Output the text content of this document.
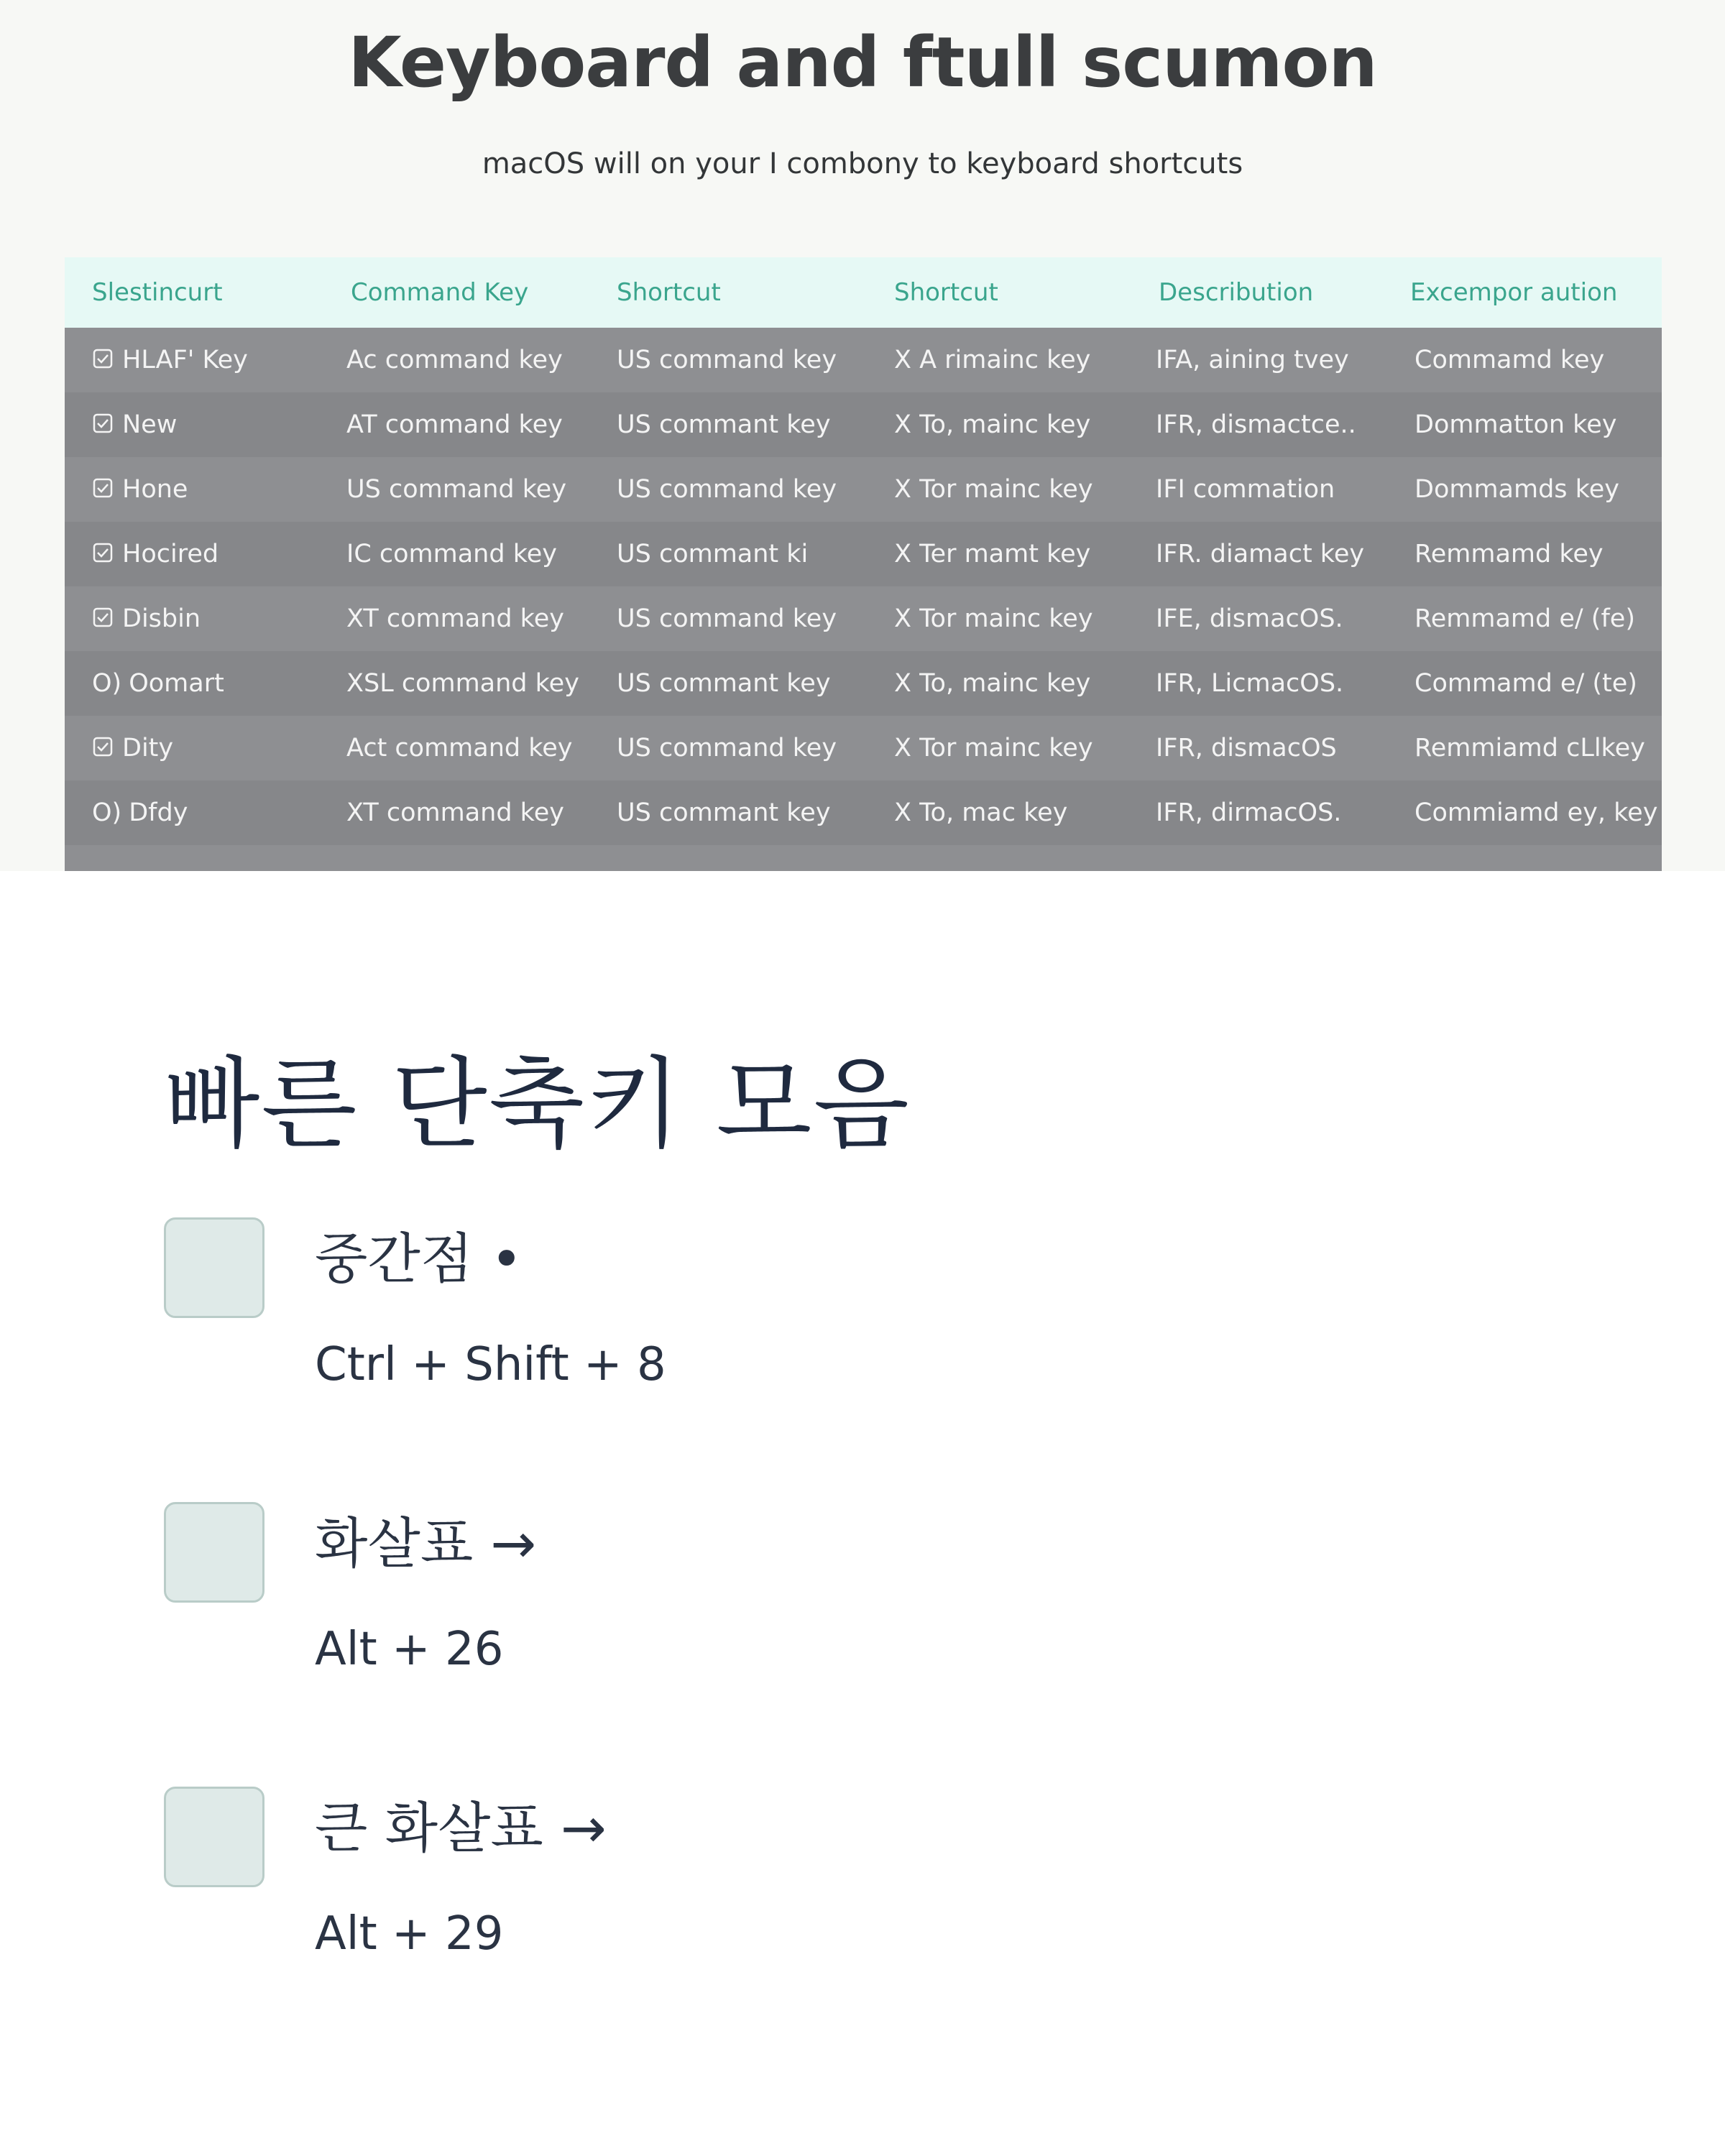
Keyboard and ftull scumon
macOS will on your I combony to keyboard shortcuts
Slestincurt	Command Key	Shortcut	Shortcut	Describution	Excempor aution
HLAF' Key	Ac command key	US command key	X A rimainc key	IFA, aining tvey	Commamd key
New	AT command key	US commant key	X To, mainc key	IFR, dismactce..	Dommatton key
Hone	US command key	US command key	X Tor mainc key	IFI commation	Dommamds key
Hocired	IC command key	US commant ki	X Ter mamt key	IFR. diamact key	Remmamd key
Disbin	XT command key	US command key	X Tor mainc key	IFE, dismacOS.	Remmamd e/ (fe)
O) Oomart	XSL command key	US commant key	X To, mainc key	IFR, LicmacOS.	Commamd e/ (te)
Dity	Act command key	US command key	X Tor mainc key	IFR, dismacOS	Remmiamd cLlkey
O) Dfdy	XT command key	US commant key	X To, mac key	IFR, dirmacOS.	Commiamd ey, key
빠른 단축키 모음
중간점 •
Ctrl + Shift + 8
화살표 →
Alt + 26
큰 화살표 →
Alt + 29
